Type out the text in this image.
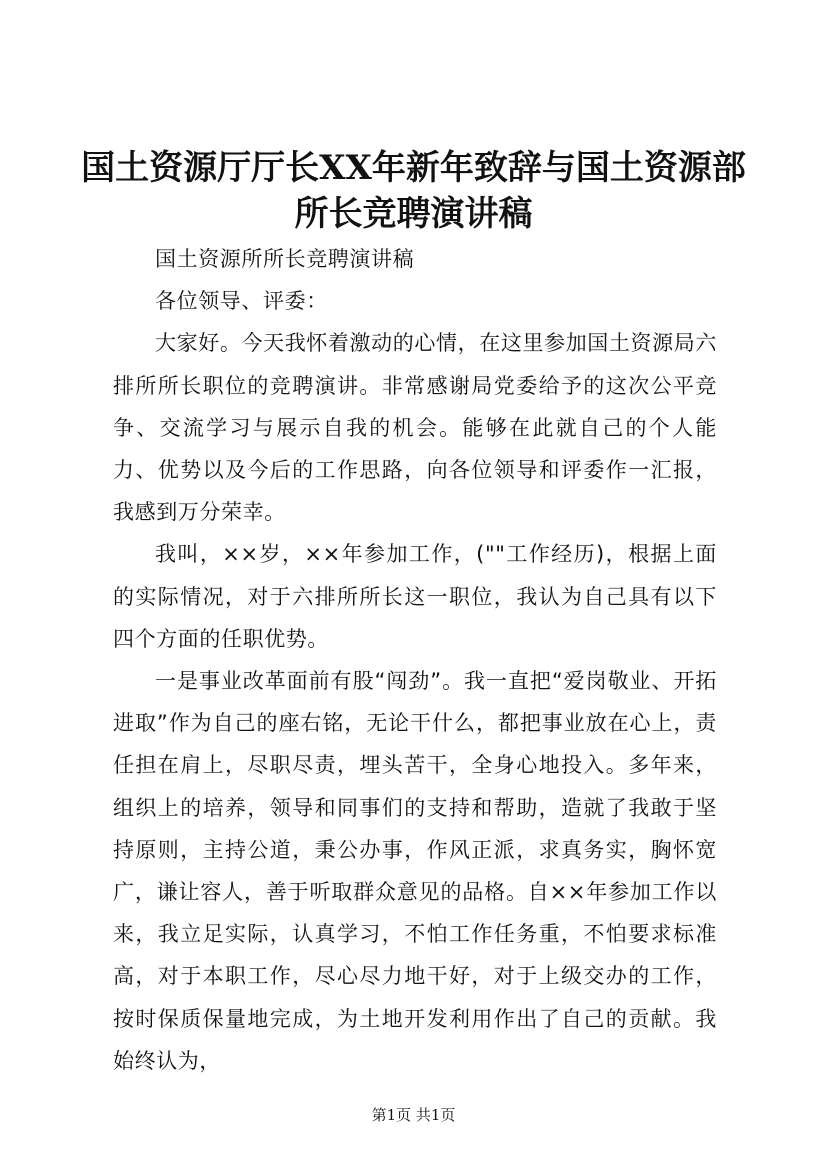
国土资源厅厅长XX年新年致辞与国土资源部
所长竞聘演讲稿

国土资源所所长竞聘演讲稿

各位领导、评委：

大家好。今天我怀着激动的心情，在这里参加国土资源局六排所所长职位的竞聘演讲。非常感谢局党委给予的这次公平竞争、交流学习与展示自我的机会。能够在此就自己的个人能力、优势以及今后的工作思路，向各位领导和评委作一汇报，我感到万分荣幸。

我叫，××岁，××年参加工作，(""工作经历)，根据上面的实际情况，对于六排所所长这一职位，我认为自己具有以下四个方面的任职优势。

一是事业改革面前有股“闯劲”。我一直把“爱岗敬业、开拓进取”作为自己的座右铭，无论干什么，都把事业放在心上，责任担在肩上，尽职尽责，埋头苦干，全身心地投入。多年来，组织上的培养，领导和同事们的支持和帮助，造就了我敢于坚持原则，主持公道，秉公办事，作风正派，求真务实，胸怀宽广，谦让容人，善于听取群众意见的品格。自××年参加工作以来，我立足实际，认真学习，不怕工作任务重，不怕要求标准高，对于本职工作，尽心尽力地干好，对于上级交办的工作，按时保质保量地完成，为土地开发利用作出了自己的贡献。我始终认为，

第1页 共1页
